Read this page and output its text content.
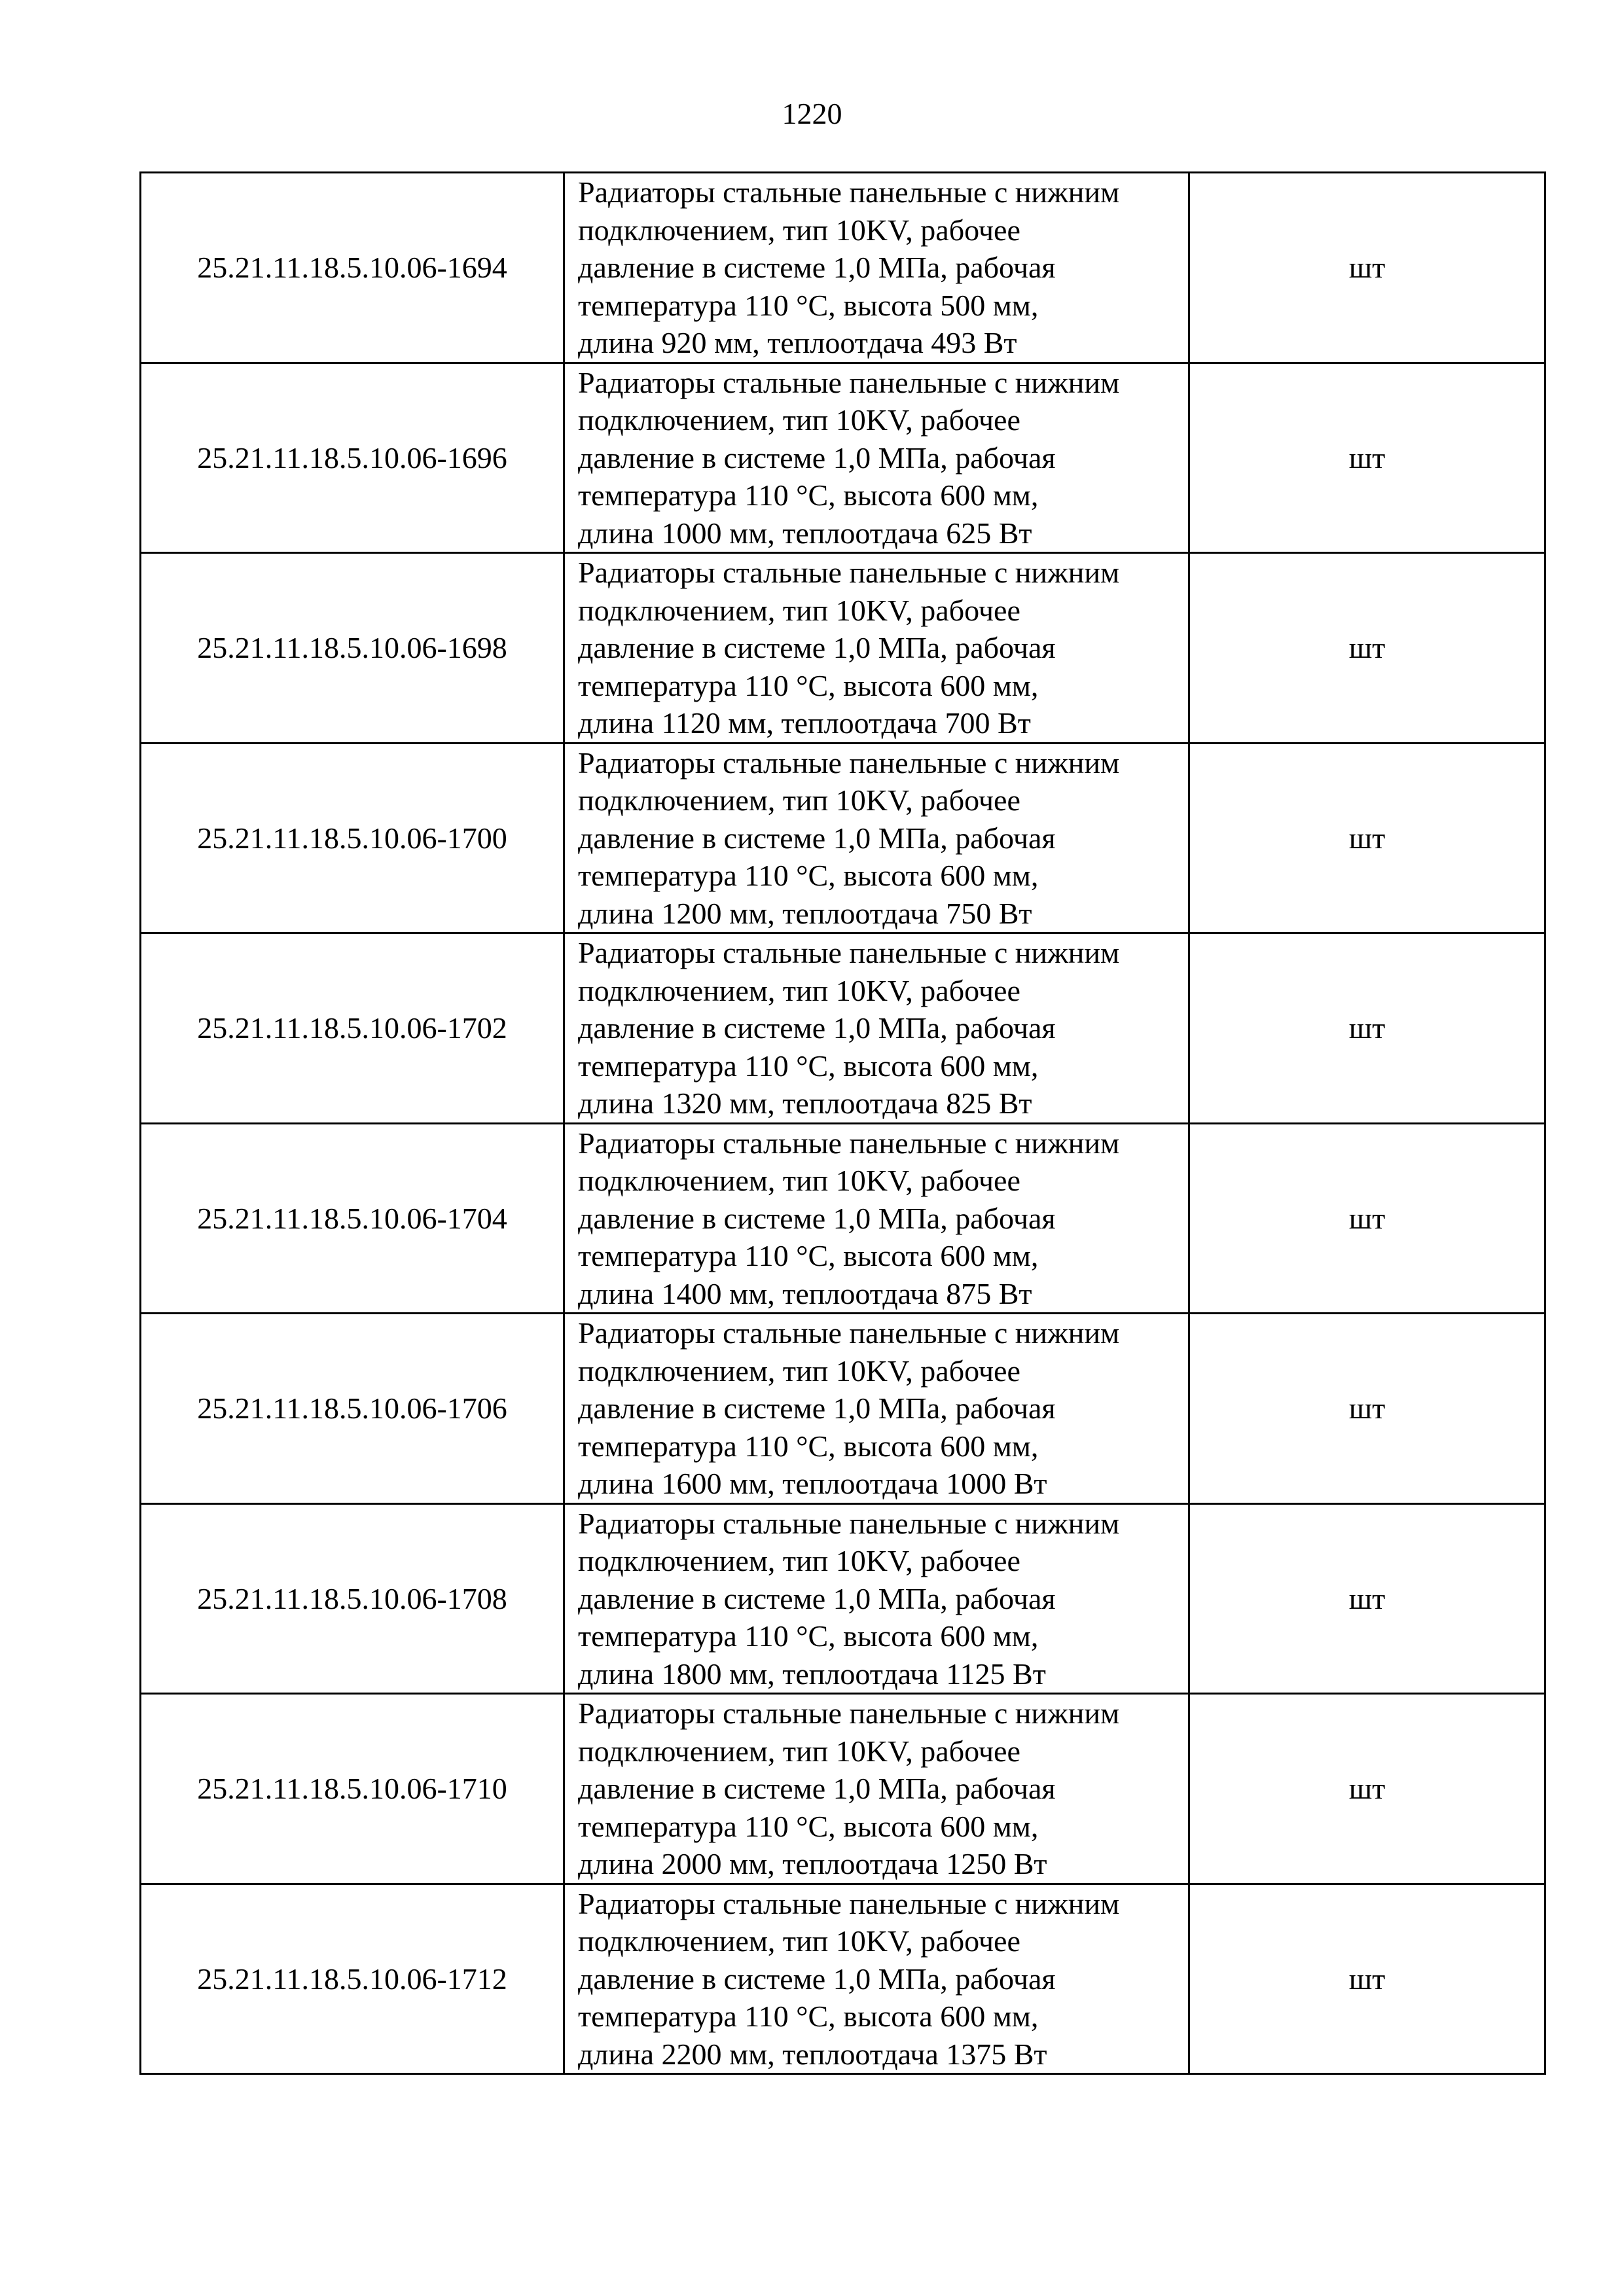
1220
25.21.11.18.5.10.06-1694	Радиаторы стальные панельные с нижним
подключением, тип 10KV, рабочее
давление в системе 1,0 МПа, рабочая
температура 110 °С, высота 500 мм,
длина 920 мм, теплоотдача 493 Вт	шт
25.21.11.18.5.10.06-1696	Радиаторы стальные панельные с нижним
подключением, тип 10KV, рабочее
давление в системе 1,0 МПа, рабочая
температура 110 °С, высота 600 мм,
длина 1000 мм, теплоотдача 625 Вт	шт
25.21.11.18.5.10.06-1698	Радиаторы стальные панельные с нижним
подключением, тип 10KV, рабочее
давление в системе 1,0 МПа, рабочая
температура 110 °С, высота 600 мм,
длина 1120 мм, теплоотдача 700 Вт	шт
25.21.11.18.5.10.06-1700	Радиаторы стальные панельные с нижним
подключением, тип 10KV, рабочее
давление в системе 1,0 МПа, рабочая
температура 110 °С, высота 600 мм,
длина 1200 мм, теплоотдача 750 Вт	шт
25.21.11.18.5.10.06-1702	Радиаторы стальные панельные с нижним
подключением, тип 10KV, рабочее
давление в системе 1,0 МПа, рабочая
температура 110 °С, высота 600 мм,
длина 1320 мм, теплоотдача 825 Вт	шт
25.21.11.18.5.10.06-1704	Радиаторы стальные панельные с нижним
подключением, тип 10KV, рабочее
давление в системе 1,0 МПа, рабочая
температура 110 °С, высота 600 мм,
длина 1400 мм, теплоотдача 875 Вт	шт
25.21.11.18.5.10.06-1706	Радиаторы стальные панельные с нижним
подключением, тип 10KV, рабочее
давление в системе 1,0 МПа, рабочая
температура 110 °С, высота 600 мм,
длина 1600 мм, теплоотдача 1000 Вт	шт
25.21.11.18.5.10.06-1708	Радиаторы стальные панельные с нижним
подключением, тип 10KV, рабочее
давление в системе 1,0 МПа, рабочая
температура 110 °С, высота 600 мм,
длина 1800 мм, теплоотдача 1125 Вт	шт
25.21.11.18.5.10.06-1710	Радиаторы стальные панельные с нижним
подключением, тип 10KV, рабочее
давление в системе 1,0 МПа, рабочая
температура 110 °С, высота 600 мм,
длина 2000 мм, теплоотдача 1250 Вт	шт
25.21.11.18.5.10.06-1712	Радиаторы стальные панельные с нижним
подключением, тип 10KV, рабочее
давление в системе 1,0 МПа, рабочая
температура 110 °С, высота 600 мм,
длина 2200 мм, теплоотдача 1375 Вт	шт
